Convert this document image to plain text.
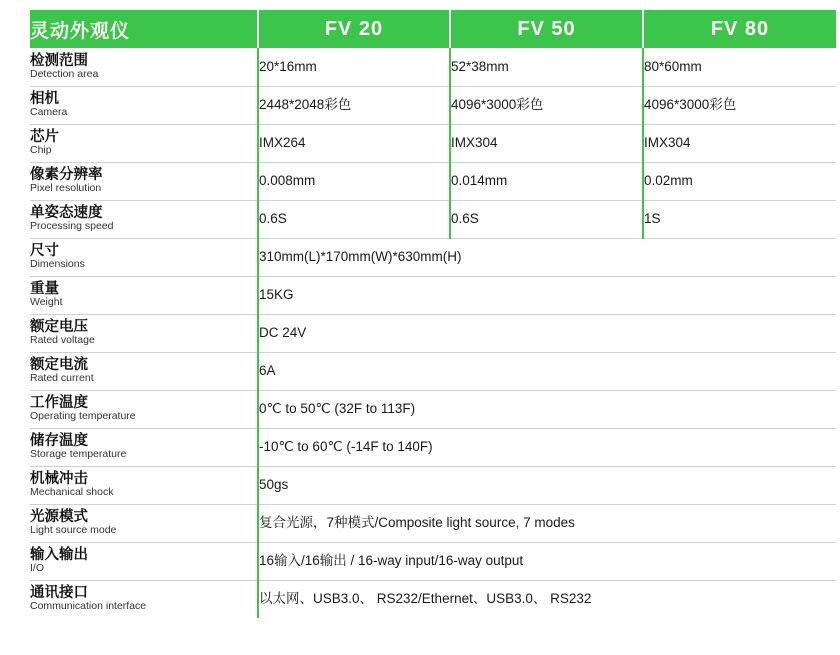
灵动外观仪	FV 20	FV 50	FV 80

检测范围
Detection area	20*16mm	52*38mm	80*60mm

相机
Camera	2448*2048彩色	4096*3000彩色	4096*3000彩色

芯片
Chip	IMX264	IMX304	IMX304

像素分辨率
Pixel resolution	0.008mm	0.014mm	0.02mm

单姿态速度
Processing speed	0.6S	0.6S	1S

尺寸
Dimensions	310mm(L)*170mm(W)*630mm(H)		

重量
Weight	15KG		

额定电压
Rated voltage	DC 24V		

额定电流
Rated current	6A		

工作温度
Operating temperature	0℃ to 50℃ (32F to 113F)		

储存温度
Storage temperature	-10℃ to 60℃ (-14F to 140F)		

机械冲击
Mechanical shock	50gs		

光源模式
Light source mode	复合光源，7种模式/Composite light source, 7 modes		

输入输出
I/O	16输入/16输出 / 16-way input/16-way output		

通讯接口
Communication interface	以太网、USB3.0、 RS232/Ethernet、USB3.0、 RS232		
